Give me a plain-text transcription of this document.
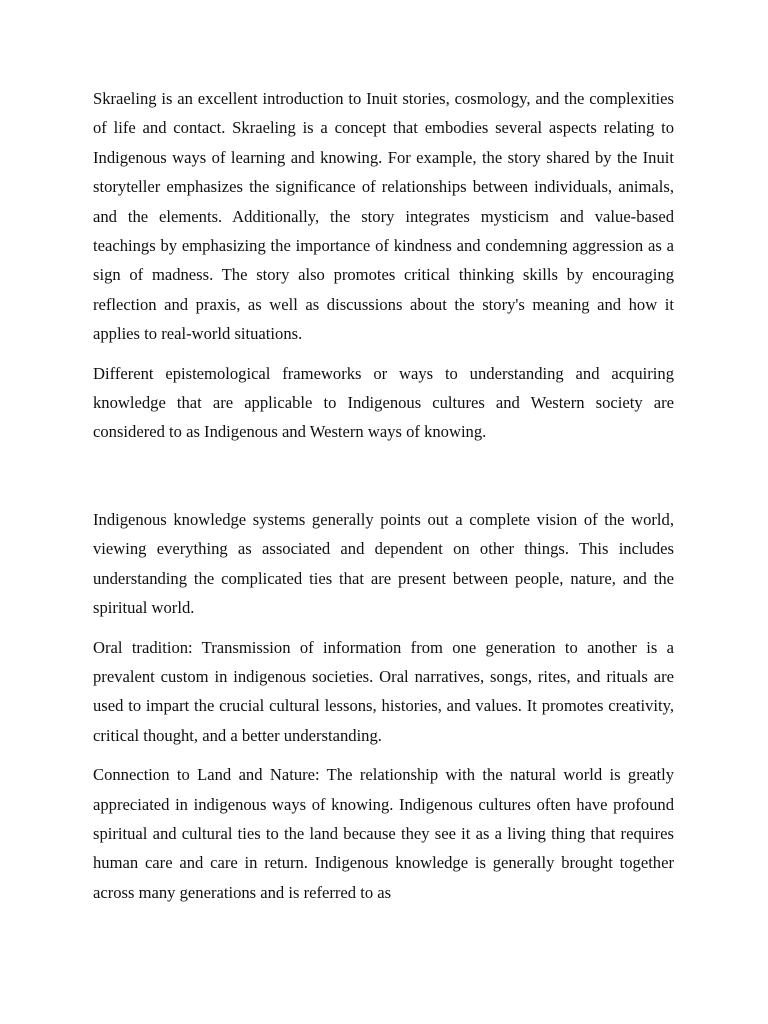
Skraeling is an excellent introduction to Inuit stories, cosmology, and the complexities of life and contact. Skraeling is a concept that embodies several aspects relating to Indigenous ways of learning and knowing. For example, the story shared by the Inuit storyteller emphasizes the significance of relationships between individuals, animals, and the elements. Additionally, the story integrates mysticism and value-based teachings by emphasizing the importance of kindness and condemning aggression as a sign of madness. The story also promotes critical thinking skills by encouraging reflection and praxis, as well as discussions about the story's meaning and how it applies to real-world situations.

Different epistemological frameworks or ways to understanding and acquiring knowledge that are applicable to Indigenous cultures and Western society are considered to as Indigenous and Western ways of knowing.

Indigenous knowledge systems generally points out a complete vision of the world, viewing everything as associated and dependent on other things. This includes understanding the complicated ties that are present between people, nature, and the spiritual world.

Oral tradition: Transmission of information from one generation to another is a prevalent custom in indigenous societies. Oral narratives, songs, rites, and rituals are used to impart the crucial cultural lessons, histories, and values. It promotes creativity, critical thought, and a better understanding.

Connection to Land and Nature: The relationship with the natural world is greatly appreciated in indigenous ways of knowing. Indigenous cultures often have profound spiritual and cultural ties to the land because they see it as a living thing that requires human care and care in return. Indigenous knowledge is generally brought together across many generations and is referred to as
